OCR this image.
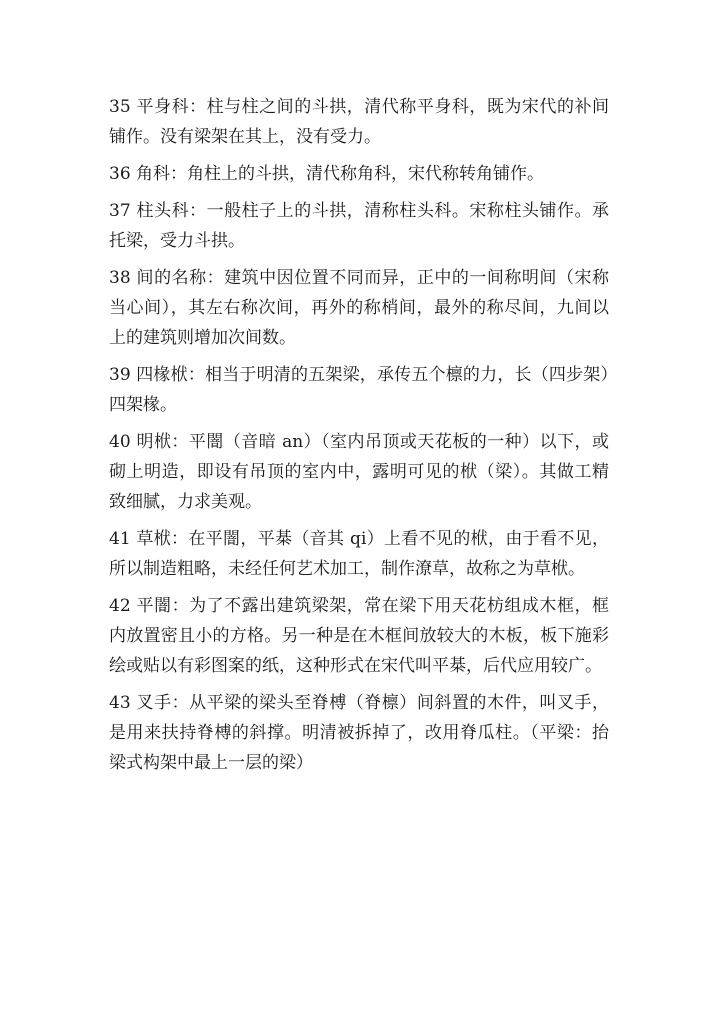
35 平身科：柱与柱之间的斗拱，清代称平身科，既为宋代的补间铺作。没有梁架在其上，没有受力。

36 角科：角柱上的斗拱，清代称角科，宋代称转角铺作。

37 柱头科：一般柱子上的斗拱，清称柱头科。宋称柱头铺作。承托梁，受力斗拱。

38 间的名称：建筑中因位置不同而异，正中的一间称明间（宋称当心间），其左右称次间，再外的称梢间，最外的称尽间，九间以上的建筑则增加次间数。

39 四椽栿：相当于明清的五架梁，承传五个檩的力，长（四步架）四架椽。

40 明栿：平闇（音暗 an）（室内吊顶或天花板的一种）以下，或砌上明造，即设有吊顶的室内中，露明可见的栿（梁）。其做工精致细腻，力求美观。

41 草栿：在平闇，平棊（音其 qi）上看不见的栿，由于看不见，所以制造粗略，未经任何艺术加工，制作潦草，故称之为草栿。

42 平闇：为了不露出建筑梁架，常在梁下用天花枋组成木框，框内放置密且小的方格。另一种是在木框间放较大的木板，板下施彩绘或贴以有彩图案的纸，这种形式在宋代叫平棊，后代应用较广。

43 叉手：从平梁的梁头至脊榑（脊檩）间斜置的木件，叫叉手，是用来扶持脊榑的斜撑。明清被拆掉了，改用脊瓜柱。（平梁：抬梁式构架中最上一层的梁）
